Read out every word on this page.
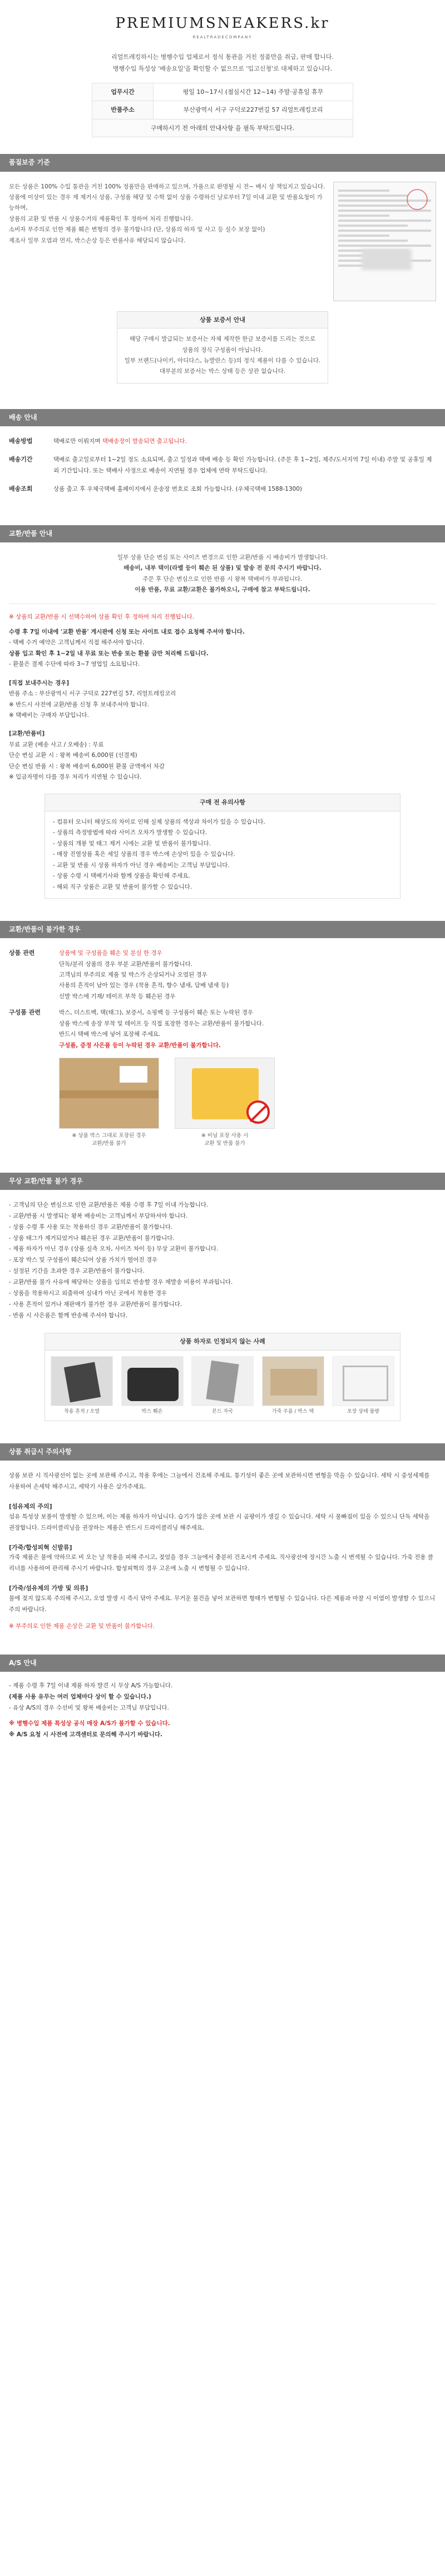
PREMIUMSNEAKERS.kr
REALTRADECOMPANY
리얼트레킹하시는 병행수입 업체로서 정식 통관을 거친 정품만을 취급, 판매 합니다.
병행수입 특성상 '배송요일'을 확인할 수 없으므로 '입고신청'로 대체하고 있습니다.
업무시간	평일 10~17시 (점심시간 12~14) 주말·공휴일 휴무
반품주소	부산광역시 서구 구덕로227번길 57 리얼트레킹코리
구매하시기 전 아래의 안내사항 을 필독 부탁드립니다.	
품질보증 기준

모든 상품은 100% 수입 통관을 거친 100% 정품만을 판매하고 있으며, 가품으로 판명될 시 전~ 배시 상 책임지고 있습니다.

상품에 이상이 있는 경우 제 제거시 상품, 구성품 해당 및 수학 없이 상품 수령하신 날로부터 7일 이내 교환 및 반품요청이 가능하며,

상품의 교환 및 반품 시 상품수거의 제품확인 후 정하여 처리 진행합니다.

소비자 부주의로 인한 제품 훼손 변형의 경우 불가합니다 (단, 상품의 하자 및 사고 등 실수 보장 없이)

제조사 일부 오염과 먼지, 박스손상 등은 반품사유 해당되지 않습니다.

상품 보증서 안내
해당 구매시 발급되는 보증서는 자체 제작한 한글 보증서를 드리는 것으로
상품의 정식 구성품이 아닙니다.
일부 브랜드(나이키, 아디다스, 뉴발란스 등)의 정식 제품이 다를 수 있습니다.
대부분의 보증서는 박스 상태 등은 상관 없습니다.
배송 안내
배송방법	택배로만 이뤄지며 택배송장이 발송되면 출고됩니다.
배송기간	택배로 출고일로부터 1~2일 정도 소요되며, 출고 일정과 택배 배송 등 확인 가능합니다. (주문 후 1~2일, 제주/도서지역 7일 이내) 주말 및 공휴일 제외 기간입니다. 또는 택배사 사정으로 배송이 지연될 경우 업체에 연락 부탁드립니다.
배송조회	상품 출고 후 우체국택배 홈페이지에서 운송장 번호로 조회 가능합니다. (우체국택배 1588-1300)
교환/반품 안내
일부 상품 단순 변심 또는 사이즈 변경으로 인한 교환/반품 시 배송비가 발생합니다.
배송비, 내부 택이(라벨 등이 훼손 된 상품) 및 발송 전 문의 주시기 바랍니다.
주문 후 단순 변심으로 인한 반품 시 왕복 택배비가 부과됩니다.
이용 반품, 무료 교환/교환은 불가하오니, 구매에 참고 부탁드립니다.
※ 상품의 교환/반품 시 선택수하여 상품 확인 후 정하여 처리 진행됩니다.
수령 후 7일 이내에 '교환 반품' 게시판에 신청 또는 사이트 내로 접수 요청해 주셔야 합니다.
- 택배 수거 예약은 고객님께서 직접 해주셔야 합니다.
상품 입고 확인 후 1~2일 내 무료 또는 반송 또는 환불 금만 처리해 드립니다.
- 환불은 결제 수단에 따라 3~7 영업일 소요됩니다.
[직접 보내주시는 경우]
반품 주소 : 부산광역시 서구 구덕로 227번길 57, 리얼트레킹코리
※ 반드시 사전에 교환/반품 신청 후 보내주셔야 합니다.
※ 택배비는 구매자 부담입니다.
[교환/반품비]
무료 교환 (배송 사고 / 오배송) : 무료
단순 변심 교환 시 : 왕복 배송비 6,000원 (선결제)
단순 변심 반품 시 : 왕복 배송비 6,000원 환불 금액에서 차감
※ 입금자명이 다를 경우 처리가 지연될 수 있습니다.
구매 전 유의사항
- 컴퓨터 모니터 해상도의 차이로 인해 실제 상품의 색상과 차이가 있을 수 있습니다.
- 상품의 측정방법에 따라 사이즈 오차가 발생할 수 있습니다.
- 상품의 개봉 및 태그 제거 시에는 교환 및 반품이 불가합니다.
- 매장 진열상품 혹은 세일 상품의 경우 박스에 손상이 있을 수 있습니다.
- 교환 및 반품 시 상품 하자가 아닌 경우 배송비는 고객님 부담입니다.
- 상품 수령 시 택배기사와 함께 상품을 확인해 주세요.
- 해외 직구 상품은 교환 및 반품이 불가할 수 있습니다.
교환/반품이 불가한 경우
상품 관련	상품에 및 구성품을 훼손 및 분실 한 경우
단독/분리 상품의 경우 부분 교환/반품이 불가합니다.
고객님의 부주의로 제품 및 박스가 손상되거나 오염된 경우
사용의 흔적이 남아 있는 경우 (착용 흔적, 향수 냄새, 담배 냄새 등)
신발 박스에 기재/ 테이프 부착 등 훼손된 경우
구성품 관련	박스, 더스트백, 택(태그), 보증서, 쇼핑백 등 구성품이 훼손 또는 누락된 경우
상품 박스에 송장 부착 및 테이프 등 직접 포장한 경우는 교환/반품이 불가합니다.
반드시 택배 박스에 넣어 포장해 주세요.
구성품, 증정 사은품 등이 누락된 경우 교환/반품이 불가합니다.
※ 상품 박스 그대로 포장된 경우
교환/반품 불가
※ 비닐 포장 사용 시
교환 및 반품 불가
무상 교환/반품 불가 경우
- 고객님의 단순 변심으로 인한 교환/반품은 제품 수령 후 7일 이내 가능합니다.
- 교환/반품 시 발생되는 왕복 배송비는 고객님께서 부담하셔야 합니다.
- 상품 수령 후 사용 또는 착용하신 경우 교환/반품이 불가합니다.
- 상품 태그가 제거되었거나 훼손된 경우 교환/반품이 불가합니다.
- 제품 하자가 아닌 경우 (상품 실측 오차, 사이즈 차이 등) 무상 교환이 불가합니다.
- 포장 박스 및 구성품이 훼손되어 상품 가치가 떨어진 경우
- 설정된 기간을 초과한 경우 교환/반품이 불가합니다.
- 교환/반품 불가 사유에 해당하는 상품을 임의로 반송할 경우 재발송 비용이 부과됩니다.
- 상품을 착용하시고 외출하여 실내가 아닌 곳에서 착용한 경우
- 사용 흔적이 있거나 재판매가 불가한 경우 교환/반품이 불가합니다.
- 반품 시 사은품은 함께 반송해 주셔야 합니다.
상품 하자로 인정되지 않는 사례
착용 흔적 / 오염	박스 훼손	본드 자국	가죽 주름 / 박스 택	포장 상태 불량
상품 취급시 주의사항
상품 보관 시 직사광선이 없는 곳에 보관해 주시고, 착용 후에는 그늘에서 건조해 주세요. 통기성이 좋은 곳에 보관하시면 변형을 막을 수 있습니다. 세탁 시 중성세제를 사용하여 손세탁 해주시고, 세탁기 사용은 삼가주세요.
[섬유제의 주의]
섬유 특성상 보풀이 발생할 수 있으며, 이는 제품 하자가 아닙니다. 습기가 많은 곳에 보관 시 곰팡이가 생길 수 있습니다. 세탁 시 물빠짐이 있을 수 있으니 단독 세탁을 권장합니다. 드라이클리닝을 권장하는 제품은 반드시 드라이클리닝 해주세요.
[가죽/합성피혁 신발류]
가죽 제품은 물에 약하므로 비 오는 날 착용을 피해 주시고, 젖었을 경우 그늘에서 충분히 건조시켜 주세요. 직사광선에 장시간 노출 시 변색될 수 있습니다. 가죽 전용 클리너를 사용하여 관리해 주시기 바랍니다. 합성피혁의 경우 고온에 노출 시 변형될 수 있습니다.
[가죽/섬유제의 가방 및 의류]
물에 젖지 않도록 주의해 주시고, 오염 발생 시 즉시 닦아 주세요. 무거운 물건을 넣어 보관하면 형태가 변형될 수 있습니다. 다른 제품과 마찰 시 이염이 발생할 수 있으니 주의 바랍니다.
※ 부주의로 인한 제품 손상은 교환 및 반품이 불가합니다.
A/S 안내
- 제품 수령 후 7일 이내 제품 하자 발견 시 무상 A/S 가능합니다.
(제품 사용 유무는 여러 업체마다 상이 할 수 있습니다.)
- 유상 A/S의 경우 수선비 및 왕복 배송비는 고객님 부담입니다.
※ 병행수입 제품 특성상 공식 매장 A/S가 불가할 수 있습니다.
※ A/S 요청 시 사전에 고객센터로 문의해 주시기 바랍니다.
